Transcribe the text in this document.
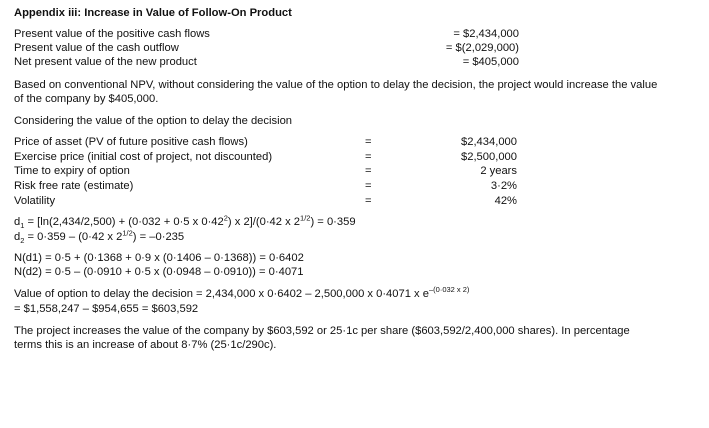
Appendix iii: Increase in Value of Follow-On Product
Present value of the positive cash flows	= $2,434,000
Present value of the cash outflow	= $(2,029,000)
Net present value of the new product	= $405,000
Based on conventional NPV, without considering the value of the option to delay the decision, the project would increase the value
of the company by $405,000.
Considering the value of the option to delay the decision
Price of asset (PV of future positive cash flows)	=	$2,434,000
Exercise price (initial cost of project, not discounted)	=	$2,500,000
Time to expiry of option	=	2 years
Risk free rate (estimate)	=	3·2%
Volatility	=	42%
$d_1 = [\ln(2,434/2,500) + (0\cdot 032 + 0\cdot 5$ x $0\cdot 42^2$) x 2]/(0·42 x $2^{1/2}) = 0\cdot 359$
$d_2 = 0\cdot 359 - (0\cdot 42$ x $2^{1/2}) = -0\cdot 235$
N(d1) = 0·5 + (0·1368 + 0·9 x (0·1406 – 0·1368)) = 0·6402
N(d2) = 0·5 – (0·0910 + 0·5 x (0·0948 – 0·0910)) = 0·4071
Value of option to delay the decision = 2,434,000 x 0·6402 – 2,500,000 x 0·4071 x $e^{-(0\cdot 032 x 2)}$
= $1,558,247 – $954,655 = $603,592
The project increases the value of the company by $603,592 or 25·1c per share ($603,592/2,400,000 shares). In percentage
terms this is an increase of about 8·7% (25·1c/290c).
